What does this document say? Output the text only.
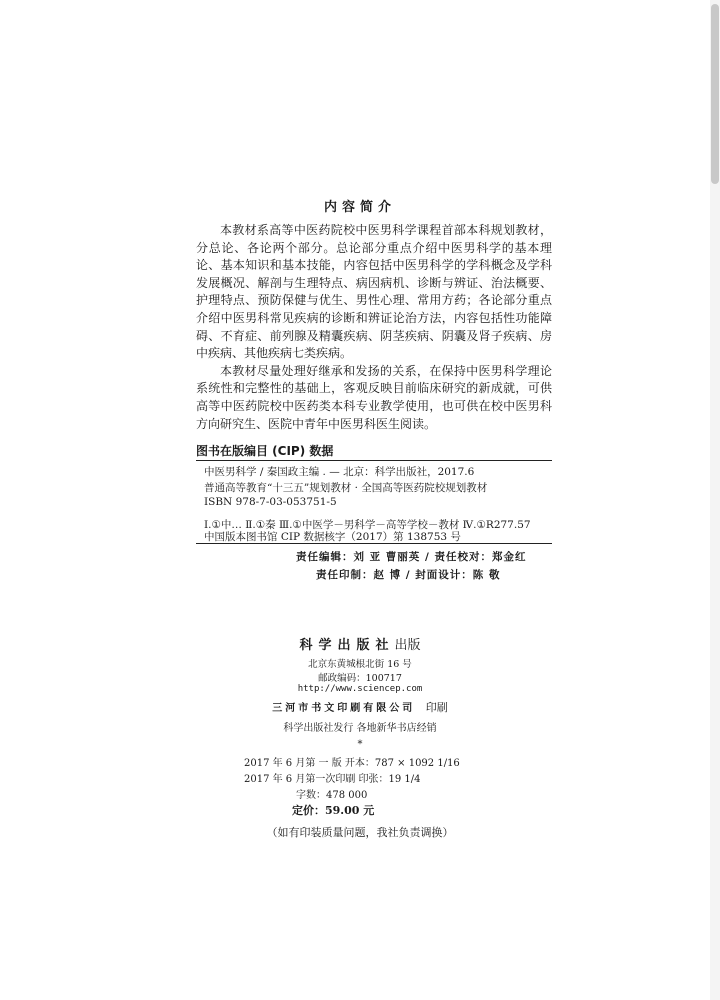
内容简介

本教材系高等中医药院校中医男科学课程首部本科规划教材，分总论、各论两个部分。总论部分重点介绍中医男科学的基本理论、基本知识和基本技能，内容包括中医男科学的学科概念及学科发展概况、解剖与生理特点、病因病机、诊断与辨证、治法概要、护理特点、预防保健与优生、男性心理、常用方药；各论部分重点介绍中医男科常见疾病的诊断和辨证论治方法，内容包括性功能障碍、不育症、前列腺及精囊疾病、阴茎疾病、阴囊及肾子疾病、房中疾病、其他疾病七类疾病。

本教材尽量处理好继承和发扬的关系，在保持中医男科学理论系统性和完整性的基础上，客观反映目前临床研究的新成就，可供高等中医药院校中医药类本科专业教学使用，也可供在校中医男科方向研究生、医院中青年中医男科医生阅读。

图书在版编目 (CIP) 数据
中医男科学 / 秦国政主编 . — 北京：科学出版社，2017.6
普通高等教育“十三五”规划教材 · 全国高等医药院校规划教材
ISBN 978-7-03-053751-5
Ⅰ.①中… Ⅱ.①秦 Ⅲ.①中医学－男科学－高等学校－教材 Ⅳ.①R277.57
中国版本图书馆 CIP 数据核字（2017）第 138753 号
责任编辑：刘 亚 曹丽英 / 责任校对：郑金红
责任印制：赵 博 / 封面设计：陈 敬
科学出版社出版
北京东黄城根北街 16 号
邮政编码：100717
http://www.sciencep.com
三河市书文印刷有限公司 印刷
科学出版社发行 各地新华书店经销
*
2017 年 6 月第 一 版 开本：787 × 1092 1/16
2017 年 6 月第一次印刷 印张：19 1/4
字数：478 000
定价：59.00 元
（如有印装质量问题，我社负责调换）
